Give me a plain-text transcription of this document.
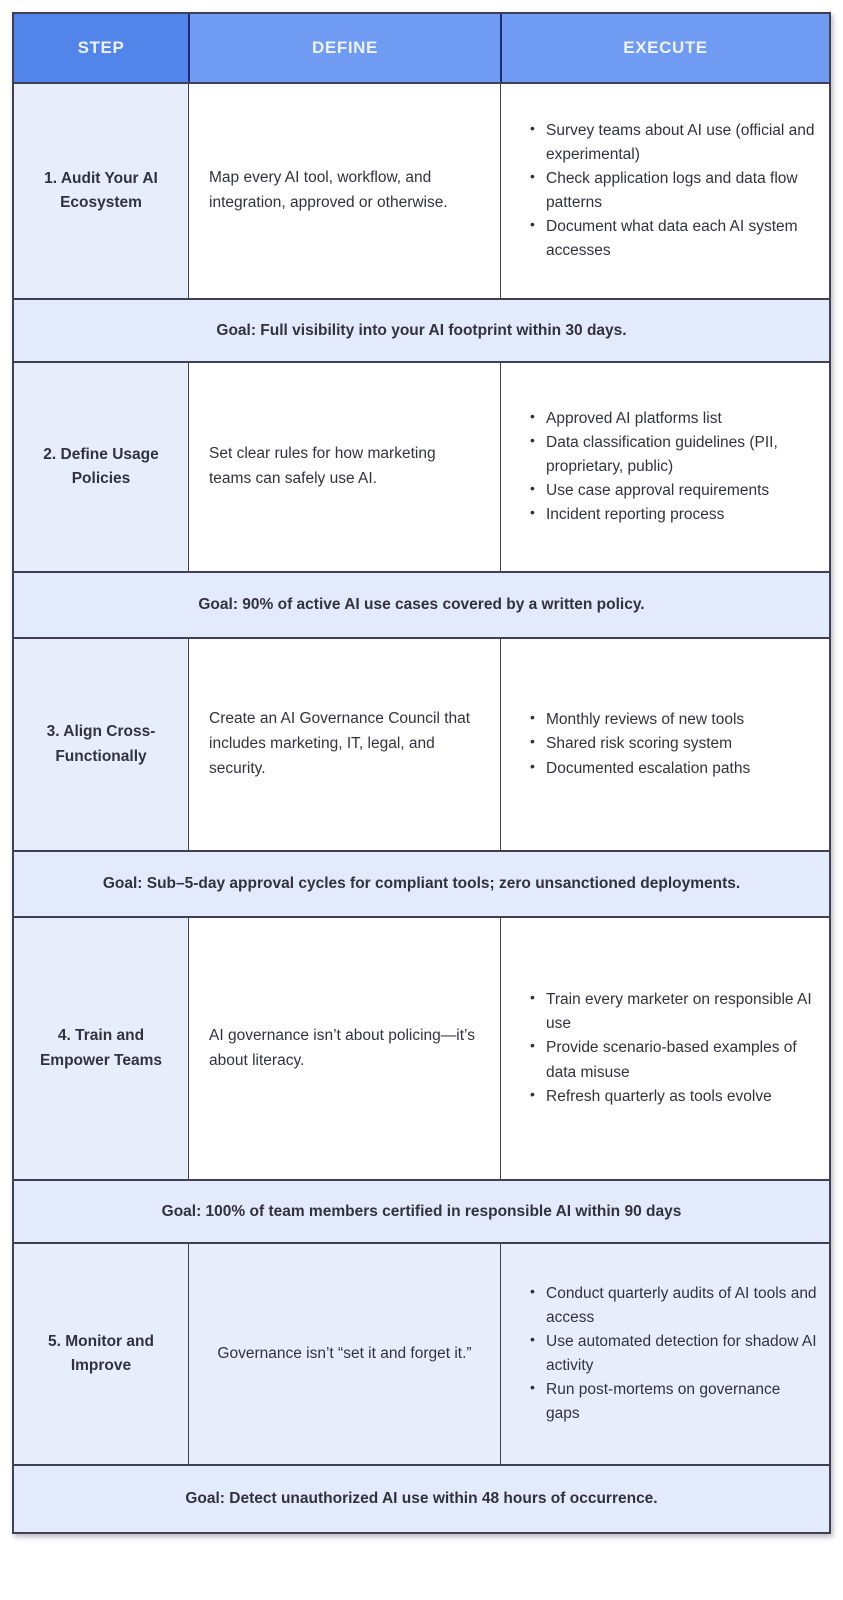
STEP	DEFINE	EXECUTE
1. Audit Your AI Ecosystem
Map every AI tool, workflow, and integration, approved or otherwise.
• Survey teams about AI use (official and experimental)
• Check application logs and data flow patterns
• Document what data each AI system accesses
Goal: Full visibility into your AI footprint within 30 days.
2. Define Usage Policies
Set clear rules for how marketing teams can safely use AI.
• Approved AI platforms list
• Data classification guidelines (PII, proprietary, public)
• Use case approval requirements
• Incident reporting process
Goal: 90% of active AI use cases covered by a written policy.
3. Align Cross-Functionally
Create an AI Governance Council that includes marketing, IT, legal, and security.
• Monthly reviews of new tools
• Shared risk scoring system
• Documented escalation paths
Goal: Sub–5-day approval cycles for compliant tools; zero unsanctioned deployments.
4. Train and Empower Teams
AI governance isn’t about policing—it’s about literacy.
• Train every marketer on responsible AI use
• Provide scenario-based examples of data misuse
• Refresh quarterly as tools evolve
Goal: 100% of team members certified in responsible AI within 90 days
5. Monitor and Improve
Governance isn’t “set it and forget it.”
• Conduct quarterly audits of AI tools and access
• Use automated detection for shadow AI activity
• Run post-mortems on governance gaps
Goal: Detect unauthorized AI use within 48 hours of occurrence.
